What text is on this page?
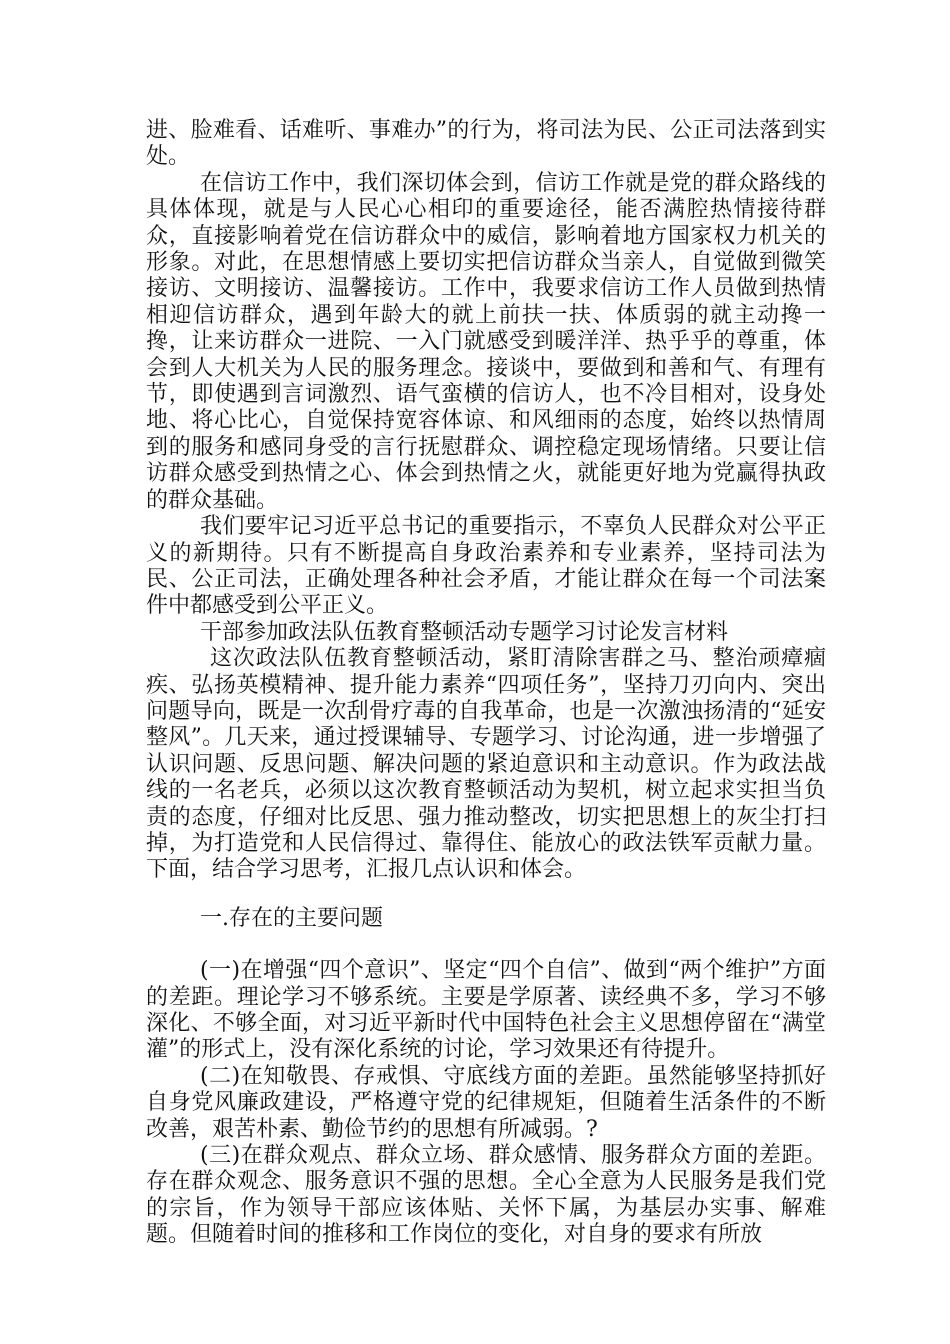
进、脸难看、话难听、事难办”的行为，将司法为民、公正司法落到实处。

在信访工作中，我们深切体会到，信访工作就是党的群众路线的具体体现，就是与人民心心相印的重要途径，能否满腔热情接待群众，直接影响着党在信访群众中的威信，影响着地方国家权力机关的形象。对此，在思想情感上要切实把信访群众当亲人，自觉做到微笑接访、文明接访、温馨接访。工作中，我要求信访工作人员做到热情相迎信访群众，遇到年龄大的就上前扶一扶、体质弱的就主动搀一搀，让来访群众一进院、一入门就感受到暖洋洋、热乎乎的尊重，体会到人大机关为人民的服务理念。接谈中，要做到和善和气、有理有节，即使遇到言词激烈、语气蛮横的信访人，也不冷目相对，设身处地、将心比心，自觉保持宽容体谅、和风细雨的态度，始终以热情周到的服务和感同身受的言行抚慰群众、调控稳定现场情绪。只要让信访群众感受到热情之心、体会到热情之火，就能更好地为党赢得执政的群众基础。

我们要牢记习近平总书记的重要指示，不辜负人民群众对公平正义的新期待。只有不断提高自身政治素养和专业素养，坚持司法为民、公正司法，正确处理各种社会矛盾，才能让群众在每一个司法案件中都感受到公平正义。

干部参加政法队伍教育整顿活动专题学习讨论发言材料

这次政法队伍教育整顿活动，紧盯清除害群之马、整治顽瘴痼疾、弘扬英模精神、提升能力素养“四项任务”，坚持刀刃向内、突出问题导向，既是一次刮骨疗毒的自我革命，也是一次激浊扬清的“延安整风”。几天来，通过授课辅导、专题学习、讨论沟通，进一步增强了认识问题、反思问题、解决问题的紧迫意识和主动意识。作为政法战线的一名老兵，必须以这次教育整顿活动为契机，树立起求实担当负责的态度，仔细对比反思、强力推动整改，切实把思想上的灰尘打扫掉，为打造党和人民信得过、靠得住、能放心的政法铁军贡献力量。下面，结合学习思考，汇报几点认识和体会。

一.存在的主要问题

(一)在增强“四个意识”、坚定“四个自信”、做到“两个维护”方面的差距。理论学习不够系统。主要是学原著、读经典不多，学习不够深化、不够全面，对习近平新时代中国特色社会主义思想停留在“满堂灌”的形式上，没有深化系统的讨论，学习效果还有待提升。

(二)在知敬畏、存戒惧、守底线方面的差距。虽然能够坚持抓好自身党风廉政建设，严格遵守党的纪律规矩，但随着生活条件的不断改善，艰苦朴素、勤俭节约的思想有所减弱。?

(三)在群众观点、群众立场、群众感情、服务群众方面的差距。存在群众观念、服务意识不强的思想。全心全意为人民服务是我们党的宗旨，作为领导干部应该体贴、关怀下属，为基层办实事、解难题。但随着时间的推移和工作岗位的变化，对自身的要求有所放
